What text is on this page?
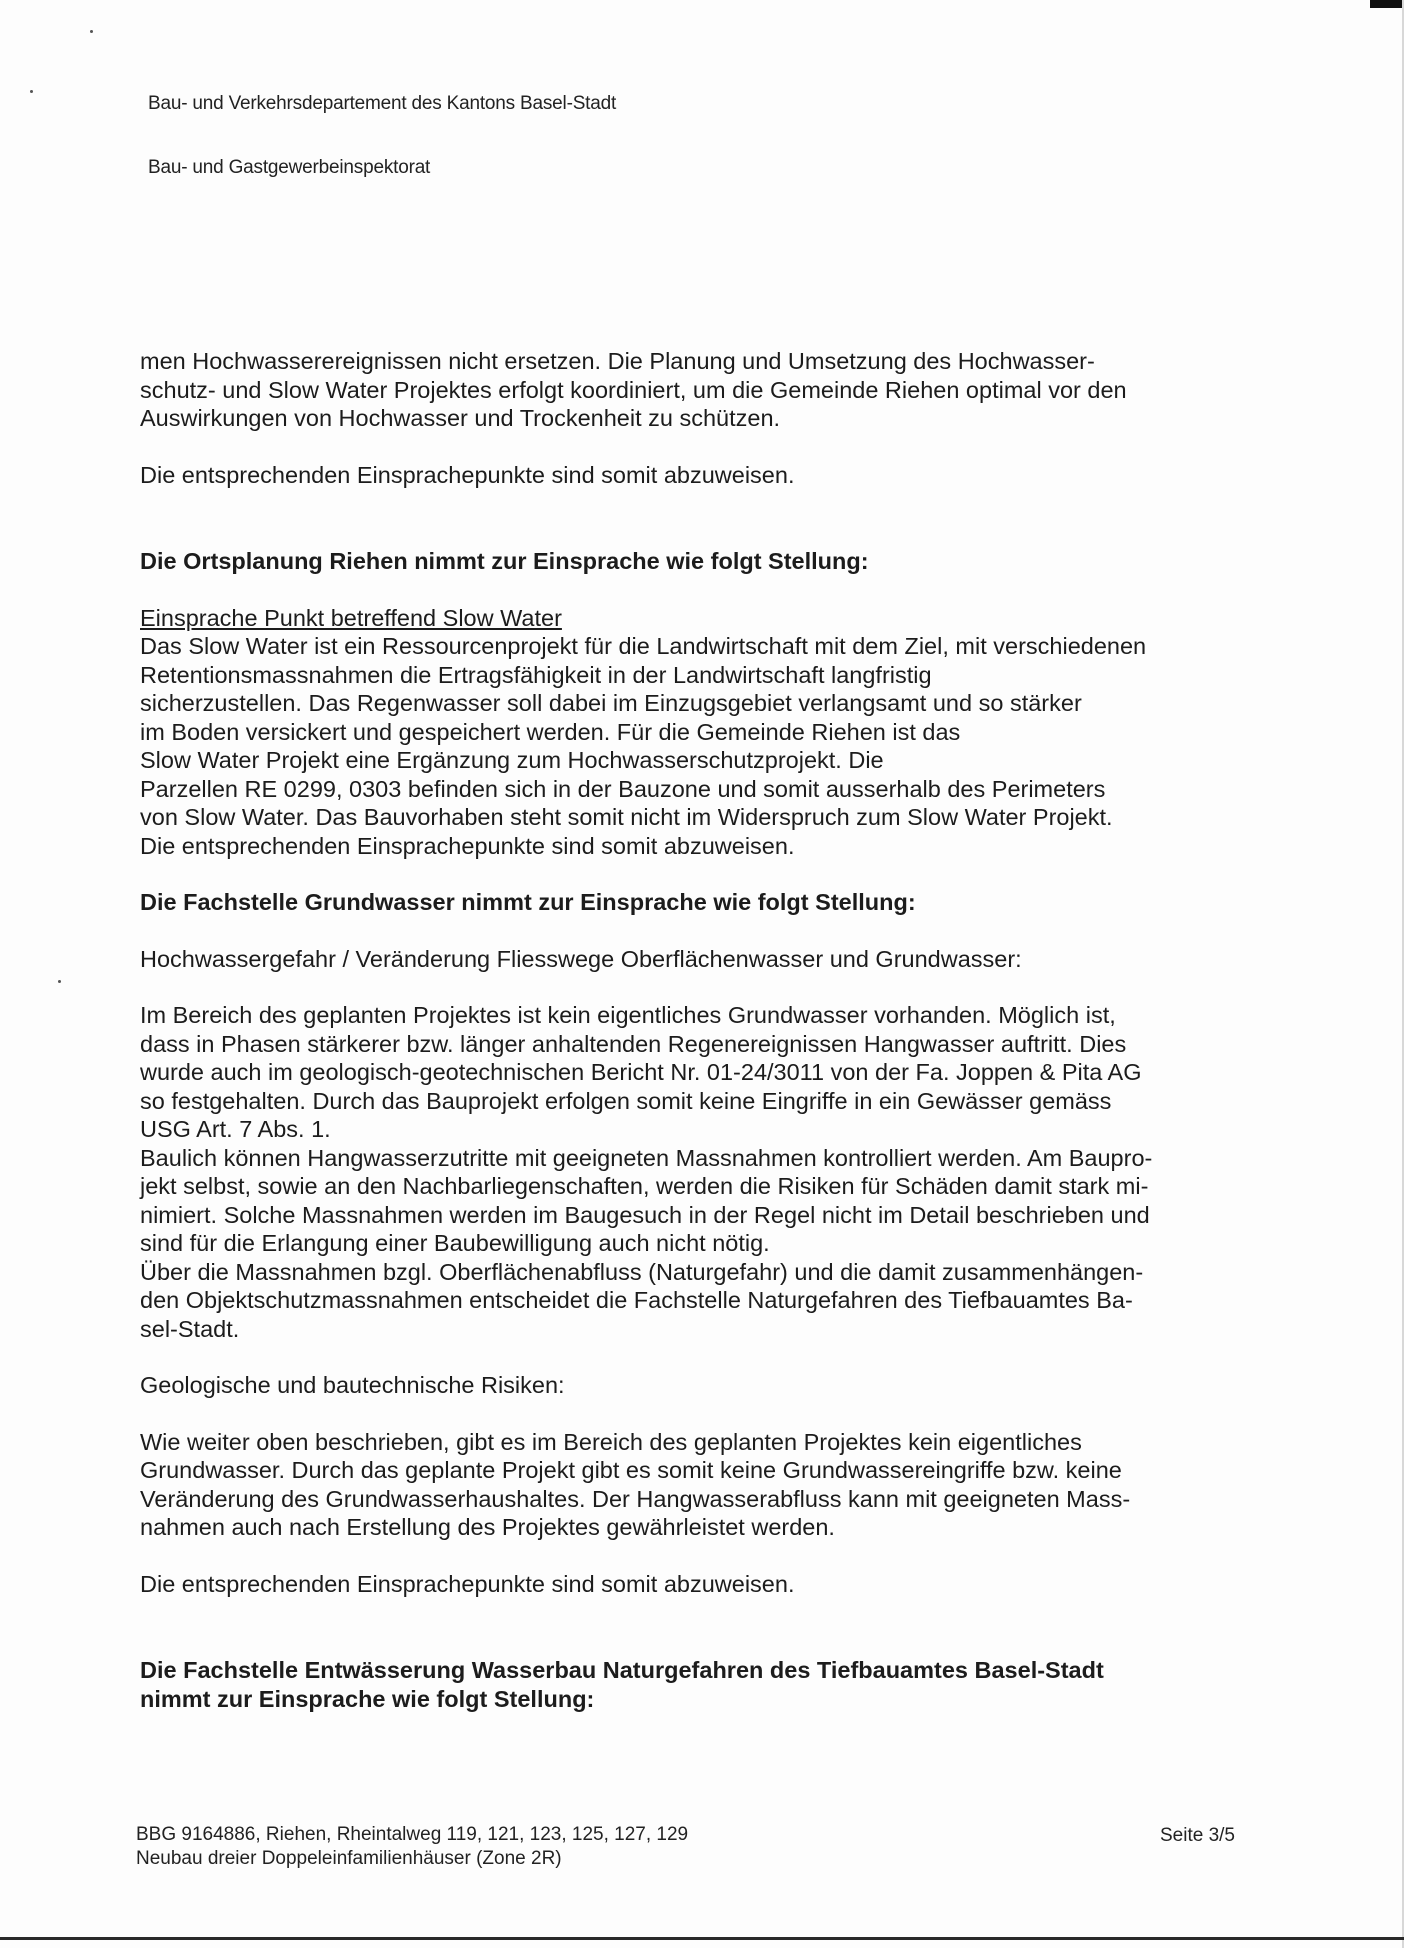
Bau- und Verkehrsdepartement des Kantons Basel-Stadt
Bau- und Gastgewerbeinspektorat

men Hochwasserereignissen nicht ersetzen. Die Planung und Umsetzung des Hochwasser-

schutz- und Slow Water Projektes erfolgt koordiniert, um die Gemeinde Riehen optimal vor den

Auswirkungen von Hochwasser und Trockenheit zu schützen.

Die entsprechenden Einsprachepunkte sind somit abzuweisen.

Die Ortsplanung Riehen nimmt zur Einsprache wie folgt Stellung:

Einsprache Punkt betreffend Slow Water

Das Slow Water ist ein Ressourcenprojekt für die Landwirtschaft mit dem Ziel, mit verschiedenen

Retentionsmassnahmen die Ertragsfähigkeit in der Landwirtschaft langfristig

sicherzustellen. Das Regenwasser soll dabei im Einzugsgebiet verlangsamt und so stärker

im Boden versickert und gespeichert werden. Für die Gemeinde Riehen ist das

Slow Water Projekt eine Ergänzung zum Hochwasserschutzprojekt. Die

Parzellen RE 0299, 0303 befinden sich in der Bauzone und somit ausserhalb des Perimeters

von Slow Water. Das Bauvorhaben steht somit nicht im Widerspruch zum Slow Water Projekt.

Die entsprechenden Einsprachepunkte sind somit abzuweisen.

Die Fachstelle Grundwasser nimmt zur Einsprache wie folgt Stellung:

Hochwassergefahr / Veränderung Fliesswege Oberflächenwasser und Grundwasser:

Im Bereich des geplanten Projektes ist kein eigentliches Grundwasser vorhanden. Möglich ist,

dass in Phasen stärkerer bzw. länger anhaltenden Regenereignissen Hangwasser auftritt. Dies

wurde auch im geologisch-geotechnischen Bericht Nr. 01-24/3011 von der Fa. Joppen & Pita AG

so festgehalten. Durch das Bauprojekt erfolgen somit keine Eingriffe in ein Gewässer gemäss

USG Art. 7 Abs. 1.

Baulich können Hangwasserzutritte mit geeigneten Massnahmen kontrolliert werden. Am Baupro-

jekt selbst, sowie an den Nachbarliegenschaften, werden die Risiken für Schäden damit stark mi-

nimiert. Solche Massnahmen werden im Baugesuch in der Regel nicht im Detail beschrieben und

sind für die Erlangung einer Baubewilligung auch nicht nötig.

Über die Massnahmen bzgl. Oberflächenabfluss (Naturgefahr) und die damit zusammenhängen-

den Objektschutzmassnahmen entscheidet die Fachstelle Naturgefahren des Tiefbauamtes Ba-

sel-Stadt.

Geologische und bautechnische Risiken:

Wie weiter oben beschrieben, gibt es im Bereich des geplanten Projektes kein eigentliches

Grundwasser. Durch das geplante Projekt gibt es somit keine Grundwassereingriffe bzw. keine

Veränderung des Grundwasserhaushaltes. Der Hangwasserabfluss kann mit geeigneten Mass-

nahmen auch nach Erstellung des Projektes gewährleistet werden.

Die entsprechenden Einsprachepunkte sind somit abzuweisen.

Die Fachstelle Entwässerung Wasserbau Naturgefahren des Tiefbauamtes Basel-Stadt

nimmt zur Einsprache wie folgt Stellung:

BBG 9164886, Riehen, Rheintalweg 119, 121, 123, 125, 127, 129
Neubau dreier Doppeleinfamilienhäuser (Zone 2R)
Seite 3/5
